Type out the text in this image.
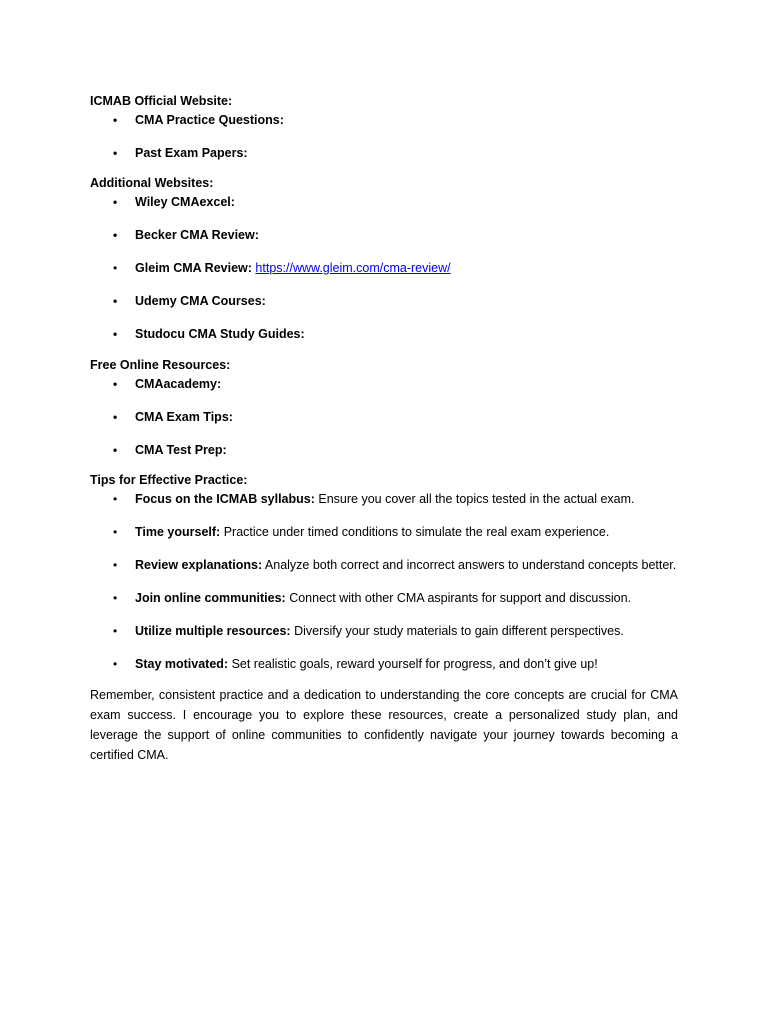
ICMAB Official Website:

• CMA Practice Questions:
• Past Exam Papers:

Additional Websites:

• Wiley CMAexcel:
• Becker CMA Review:
• Gleim CMA Review: https://www.gleim.com/cma-review/
• Udemy CMA Courses:
• Studocu CMA Study Guides:

Free Online Resources:

• CMAacademy:
• CMA Exam Tips:
• CMA Test Prep:

Tips for Effective Practice:

• Focus on the ICMAB syllabus: Ensure you cover all the topics tested in the actual exam.
• Time yourself: Practice under timed conditions to simulate the real exam experience.
• Review explanations: Analyze both correct and incorrect answers to understand concepts better.
• Join online communities: Connect with other CMA aspirants for support and discussion.
• Utilize multiple resources: Diversify your study materials to gain different perspectives.
• Stay motivated: Set realistic goals, reward yourself for progress, and don’t give up!

Remember, consistent practice and a dedication to understanding the core concepts are crucial for CMA exam success. I encourage you to explore these resources, create a personalized study plan, and leverage the support of online communities to confidently navigate your journey towards becoming a certified CMA.
